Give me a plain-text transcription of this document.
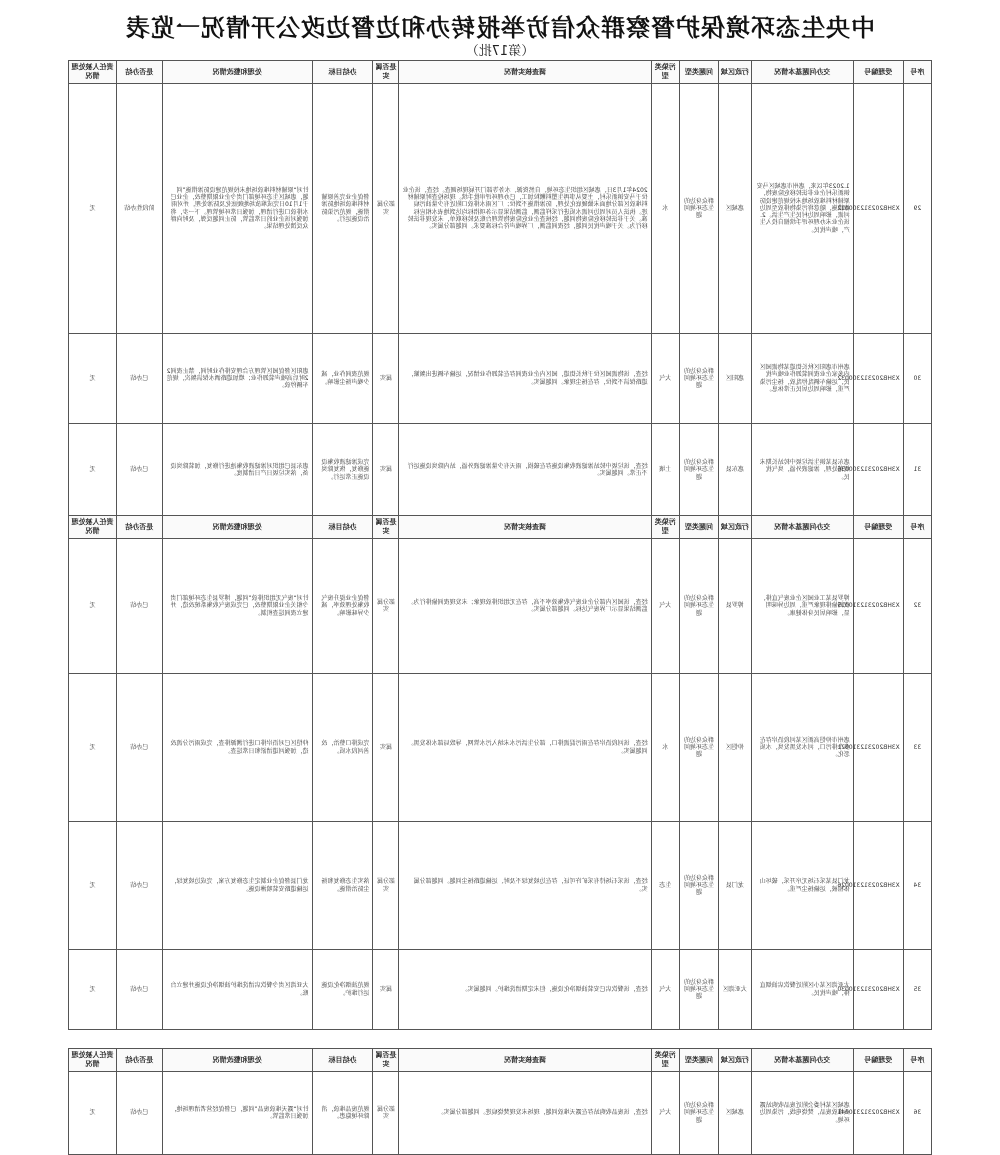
中央生态环境保护督察群众信访举报转办和边督边改公开情况一览表
（第17批）
序号	受理编号	交办问题基本情况	行政区域	问题类型	污染类型	调查核实情况	是否属实	办结目标	处理和整改情况	是否办结	责任人被处理情况

29	X3HB202312300012	1.2023年以来，惠州市惠城区马安镇新乐村企业非法转移危险废物，原辅材料堆放场地未按规范建设防渗措施，随意将污染物排放至周边河流，影响周边村民生产生活。2.该企业未办理环评手续擅自投入生产，噪声扰民。	惠城区	群众身边的生态环境问题	水	2024年1月3日，惠城区组织生态环境、自然资源、水务等部门开展现场调查。经查，该企业位于马安镇新乐村，主要从事再生塑料颗粒加工，已办理环评审批手续。现场检查时原辅材料堆放区部分地面未做硬底化处理，防渗措施不到位；厂区雨水排放口附近有少量油污痕迹。执法人员对周边河流水质进行采样监测，监测结果显示各项指标均达到地表水相应标准。关于非法转移危险废物问题，经核查企业危险废物管理台账及转移联单，未发现非法转移行为。关于噪声扰民问题，经夜间监测，厂界噪声符合标准要求。问题部分属实。	部分属实	督促企业完善原辅材料堆放场地防渗措施，规范污染防治设施运行。	针对“原辅材料堆放场地未按规范建设防渗措施”问题，惠城区生态环境部门责令企业限期整改，企业已于1月10日完成堆放场地硬底化及防渗处理，并对雨水排放口进行清理，加强日常环境管理。下一步，将加强对该企业的日常监管，防止问题反弹，及时向群众反馈处理结果。	阶段性办结	无

30	X3HB202312300032	惠州市惠阳区秋长街道某物流园区内多家企业夜间装卸作业噪声扰民，运输车辆乱停乱放，扬尘污染严重，影响周边居民正常休息。	惠阳区	群众身边的生态环境问题	大气	经查，该物流园区位于秋长街道，园区内企业夜间存在装卸作业情况，运输车辆进出频繁，道路保洁不到位，存在扬尘现象。问题属实。	属实	规范夜间作业，减少噪声扬尘影响。	惠阳区督促园区管理方合理安排作业时间，禁止夜间22时后高噪声装卸作业；增加道路洒水保洁频次，规范车辆停放。	已办结	无

31	X3HB202312300036	惠东县某镇生活垃圾中转站长期未规范处理，渗滤液外溢，臭气扰民。	惠东县	群众身边的生态环境问题	土壤	经查，该垃圾中转站渗滤液收集设施存在破损，雨天有少量渗滤液外溢，站内除臭设施运行不正常。问题属实。	属实	完成渗滤液收集设施修复，恢复除臭设施正常运行。	惠东县已组织对渗滤液收集池进行修复，加装除臭设备，落实垃圾日产日清制度。	已办结	无
序号	受理编号	交办问题基本情况	行政区域	问题类型	污染类型	调查核实情况	是否属实	办结目标	处理和整改情况	是否办结	责任人被处理情况

32	X3HB202312310015	博罗县某工业园区企业废气直排，夜间偷排现象严重，周边异味明显，影响居民身体健康。	博罗县	群众身边的生态环境问题	大气	经查，该园区内部分企业废气收集效率不高，存在无组织排放现象；未发现夜间偷排行为。监测结果显示厂界废气达标。问题部分属实。	部分属实	督促企业提升废气收集处理效率，减少异味影响。	针对“废气无组织排放”问题，博罗县生态环境部门责令相关企业限期整改，已完成废气收集系统改造，并建立夜间巡查机制。	已办结	无

33	X3HB202312310021	惠州市仲恺高新区某河段沿岸存在多个排污口，河水发黑发臭，水质恶化。	仲恺区	群众身边的生态环境问题	水	经查，该河段沿岸存在雨污混流排口，部分生活污水未纳入污水管网，导致局部水体发黑。问题属实。	属实	完成排口整治，改善河段水质。	仲恺区已对沿岸排口进行溯源排查，完成雨污分流改造，加强河道清淤和日常巡查。	已办结	无

34	X3HB202312310026	龙门县某采石场无序开采，破坏山体植被，运输扬尘严重。	龙门县	群众身边的生态环境问题	生态	经查，该采石场持有采矿许可证，存在边坡复绿不及时、运输道路扬尘问题。问题部分属实。	部分属实	落实生态修复和扬尘防治措施。	龙门县督促企业制定生态修复方案，完成边坡复绿，运输道路安装喷淋设施。	已办结	无

35	X3HB202312310030	大亚湾区某小区附近餐饮店油烟直排，噪声扰民。	大亚湾区	群众身边的生态环境问题	大气	经查，该餐饮店已安装油烟净化设施，但未定期清洗维护。问题属实。	属实	规范油烟净化设施运行维护。	大亚湾区责令餐饮店清洗维护油烟净化设施并建立台账。	已办结	无
序号	受理编号	交办问题基本情况	行政区域	问题类型	污染类型	调查核实情况	是否属实	办结目标	处理和整改情况	是否办结	责任人被处理情况

36	X3HB202312310041	惠城区某村委会附近废品收购站露天堆放废品，焚烧电线，污染周边环境。	惠城区	群众身边的生态环境问题	大气	经查，该废品收购站存在露天堆放问题，现场未发现焚烧痕迹。问题部分属实。	部分属实	规范废品堆放，消除环境隐患。	针对“露天堆放废品”问题，已督促经营者清理场地，加强日常监管。	已办结	无
